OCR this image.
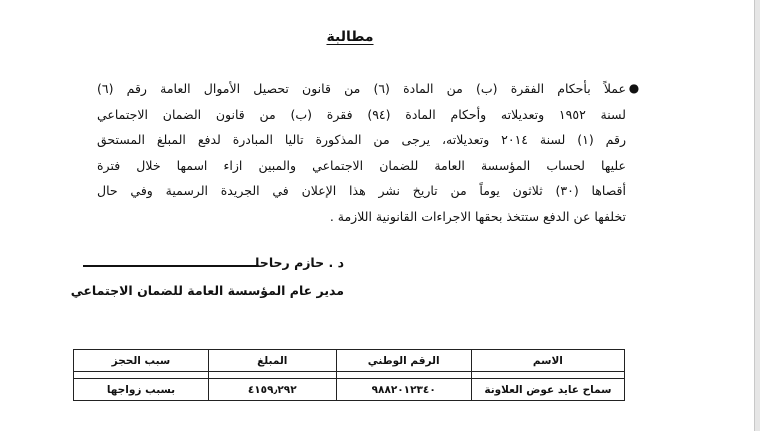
مطالبة
●
عملاً بأحكام الفقرة (ب) من المادة (٦) من قانون تحصيل الأموال العامة رقم (٦)
لسنة ١٩٥٢ وتعديلاته وأحكام المادة (٩٤) فقرة (ب) من قانون الضمان الاجتماعي
رقم (١) لسنة ٢٠١٤ وتعديلاته، يرجى من المذكورة تاليا المبادرة لدفع المبلغ المستحق
عليها لحساب المؤسسة العامة للضمان الاجتماعي والمبين ازاء اسمها خلال فترة
أقصاها (٣٠) ثلاثون يوماً من تاريخ نشر هذا الإعلان في الجريدة الرسمية وفي حال
تخلفها عن الدفع ستتخذ بحقها الاجراءات القانونية اللازمة .
د . حازم رحاحلـــ
مدير عام المؤسسة العامة للضمان الاجتماعي
الاسم	الرقم الوطني	المبلغ	سبب الحجز

سماح عايد عوض العلاونة	٩٨٨٢٠١٢٣٤٠	٤١٥٩٫٢٩٢	بسبب زواجها
